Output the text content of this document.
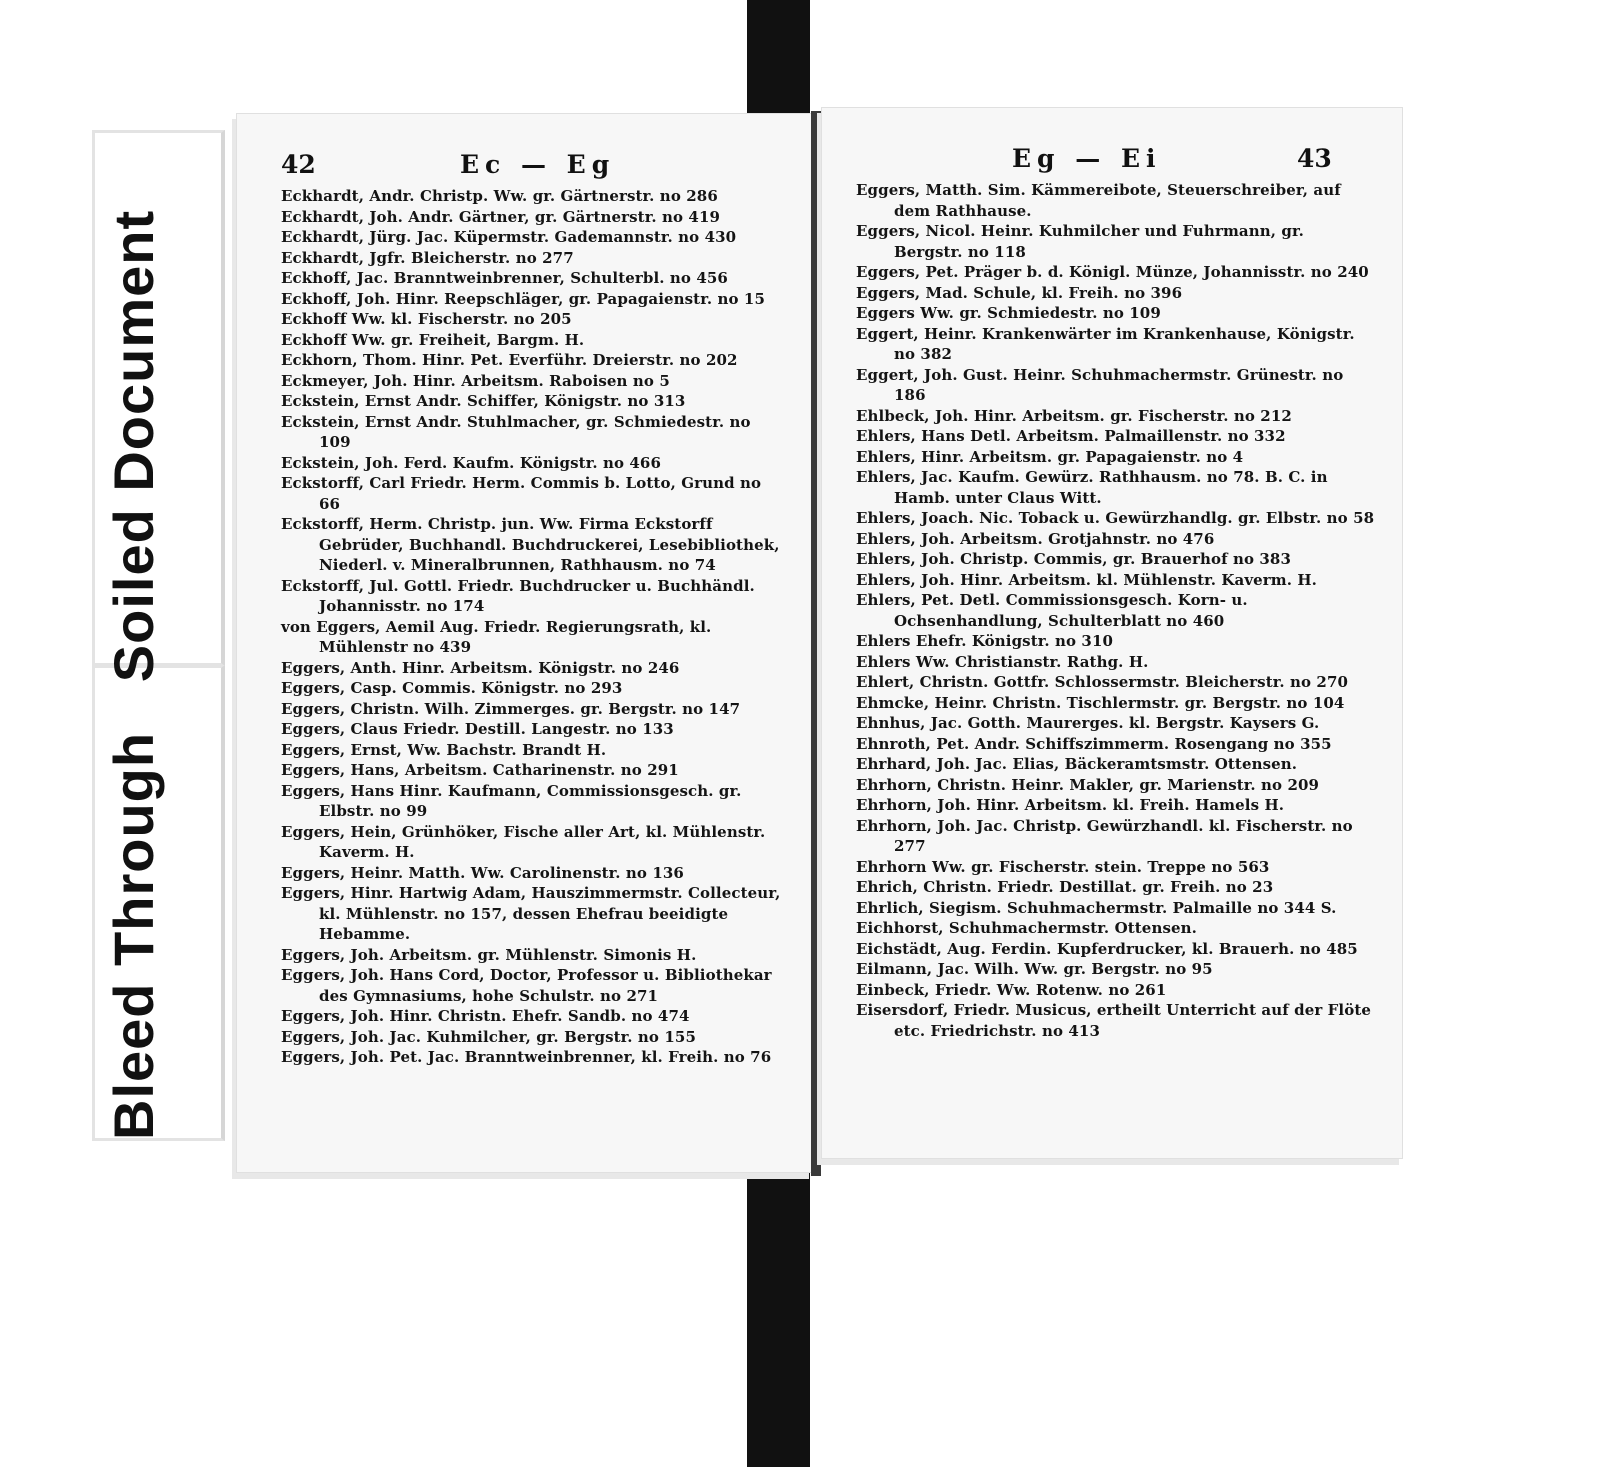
Bleed Through   Soiled Document
42	Ec — Eg
Eckhardt, Andr. Christp. Ww. gr. Gärtnerstr. no 286
Eckhardt, Joh. Andr. Gärtner, gr. Gärtnerstr. no 419
Eckhardt, Jürg. Jac. Küpermstr. Gademannstr. no 430
Eckhardt, Jgfr. Bleicherstr. no 277
Eckhoff, Jac. Branntweinbrenner, Schulterbl. no 456
Eckhoff, Joh. Hinr. Reepschläger, gr. Papagaienstr. no 15
Eckhoff Ww. kl. Fischerstr. no 205
Eckhoff Ww. gr. Freiheit, Bargm. H.
Eckhorn, Thom. Hinr. Pet. Everführ. Dreierstr. no 202
Eckmeyer, Joh. Hinr. Arbeitsm. Raboisen no 5
Eckstein, Ernst Andr. Schiffer, Königstr. no 313
Eckstein, Ernst Andr. Stuhlmacher, gr. Schmiedestr. no 109
Eckstein, Joh. Ferd. Kaufm. Königstr. no 466
Eckstorff, Carl Friedr. Herm. Commis b. Lotto, Grund no 66
Eckstorff, Herm. Christp. jun. Ww. Firma Eckstorff Gebrüder, Buchhandl. Buchdruckerei, Lesebibliothek, Niederl. v. Mineralbrunnen, Rathhausm. no 74
Eckstorff, Jul. Gottl. Friedr. Buchdrucker u. Buchhändl. Johannisstr. no 174
von Eggers, Aemil Aug. Friedr. Regierungsrath, kl. Mühlenstr no 439
Eggers, Anth. Hinr. Arbeitsm. Königstr. no 246
Eggers, Casp. Commis. Königstr. no 293
Eggers, Christn. Wilh. Zimmerges. gr. Bergstr. no 147
Eggers, Claus Friedr. Destill. Langestr. no 133
Eggers, Ernst, Ww. Bachstr. Brandt H.
Eggers, Hans, Arbeitsm. Catharinenstr. no 291
Eggers, Hans Hinr. Kaufmann, Commissionsgesch. gr. Elbstr. no 99
Eggers, Hein, Grünhöker, Fische aller Art, kl. Mühlenstr. Kaverm. H.
Eggers, Heinr. Matth. Ww. Carolinenstr. no 136
Eggers, Hinr. Hartwig Adam, Hauszimmermstr. Collecteur, kl. Mühlenstr. no 157, dessen Ehefrau beeidigte Hebamme.
Eggers, Joh. Arbeitsm. gr. Mühlenstr. Simonis H.
Eggers, Joh. Hans Cord, Doctor, Professor u. Bibliothekar des Gymnasiums, hohe Schulstr. no 271
Eggers, Joh. Hinr. Christn. Ehefr. Sandb. no 474
Eggers, Joh. Jac. Kuhmilcher, gr. Bergstr. no 155
Eggers, Joh. Pet. Jac. Branntweinbrenner, kl. Freih. no 76
Eg — Ei	43
Eggers, Matth. Sim. Kämmereibote, Steuerschreiber, auf dem Rathhause.
Eggers, Nicol. Heinr. Kuhmilcher und Fuhrmann, gr. Bergstr. no 118
Eggers, Pet. Präger b. d. Königl. Münze, Johannisstr. no 240
Eggers, Mad. Schule, kl. Freih. no 396
Eggers Ww. gr. Schmiedestr. no 109
Eggert, Heinr. Krankenwärter im Krankenhause, Königstr. no 382
Eggert, Joh. Gust. Heinr. Schuhmachermstr. Grünestr. no 186
Ehlbeck, Joh. Hinr. Arbeitsm. gr. Fischerstr. no 212
Ehlers, Hans Detl. Arbeitsm. Palmaillenstr. no 332
Ehlers, Hinr. Arbeitsm. gr. Papagaienstr. no 4
Ehlers, Jac. Kaufm. Gewürz. Rathhausm. no 78. B. C. in Hamb. unter Claus Witt.
Ehlers, Joach. Nic. Toback u. Gewürzhandlg. gr. Elbstr. no 58
Ehlers, Joh. Arbeitsm. Grotjahnstr. no 476
Ehlers, Joh. Christp. Commis, gr. Brauerhof no 383
Ehlers, Joh. Hinr. Arbeitsm. kl. Mühlenstr. Kaverm. H.
Ehlers, Pet. Detl. Commissionsgesch. Korn- u. Ochsenhandlung, Schulterblatt no 460
Ehlers Ehefr. Königstr. no 310
Ehlers Ww. Christianstr. Rathg. H.
Ehlert, Christn. Gottfr. Schlossermstr. Bleicherstr. no 270
Ehmcke, Heinr. Christn. Tischlermstr. gr. Bergstr. no 104
Ehnhus, Jac. Gotth. Maurerges. kl. Bergstr. Kaysers G.
Ehnroth, Pet. Andr. Schiffszimmerm. Rosengang no 355
Ehrhard, Joh. Jac. Elias, Bäckeramtsmstr. Ottensen.
Ehrhorn, Christn. Heinr. Makler, gr. Marienstr. no 209
Ehrhorn, Joh. Hinr. Arbeitsm. kl. Freih. Hamels H.
Ehrhorn, Joh. Jac. Christp. Gewürzhandl. kl. Fischerstr. no 277
Ehrhorn Ww. gr. Fischerstr. stein. Treppe no 563
Ehrich, Christn. Friedr. Destillat. gr. Freih. no 23
Ehrlich, Siegism. Schuhmachermstr. Palmaille no 344 S.
Eichhorst, Schuhmachermstr. Ottensen.
Eichstädt, Aug. Ferdin. Kupferdrucker, kl. Brauerh. no 485
Eilmann, Jac. Wilh. Ww. gr. Bergstr. no 95
Einbeck, Friedr. Ww. Rotenw. no 261
Eisersdorf, Friedr. Musicus, ertheilt Unterricht auf der Flöte etc. Friedrichstr. no 413
